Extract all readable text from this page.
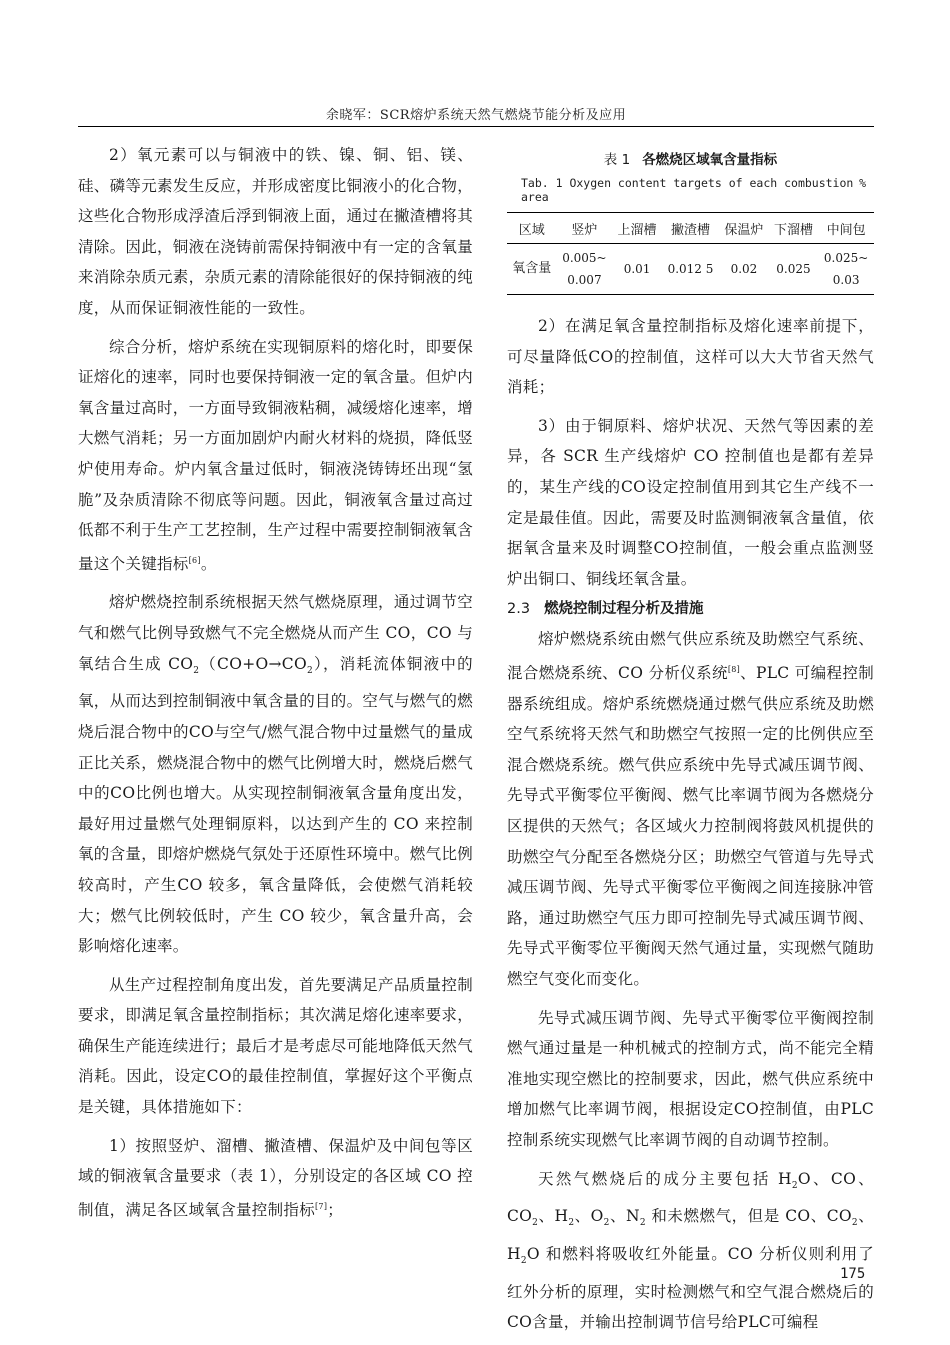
余晓军：SCR熔炉系统天然气燃烧节能分析及应用

2）氧元素可以与铜液中的铁、镍、铜、铝、镁、硅、磷等元素发生反应，并形成密度比铜液小的化合物，这些化合物形成浮渣后浮到铜液上面，通过在撇渣槽将其清除。因此，铜液在浇铸前需保持铜液中有一定的含氧量来消除杂质元素，杂质元素的清除能很好的保持铜液的纯度，从而保证铜液性能的一致性。

综合分析，熔炉系统在实现铜原料的熔化时，即要保证熔化的速率，同时也要保持铜液一定的氧含量。但炉内氧含量过高时，一方面导致铜液粘稠，减缓熔化速率，增大燃气消耗；另一方面加剧炉内耐火材料的烧损，降低竖炉使用寿命。炉内氧含量过低时，铜液浇铸铸坯出现“氢脆”及杂质清除不彻底等问题。因此，铜液氧含量过高过低都不利于生产工艺控制，生产过程中需要控制铜液氧含量这个关键指标[6]。

熔炉燃烧控制系统根据天然气燃烧原理，通过调节空气和燃气比例导致燃气不完全燃烧从而产生 CO，CO 与氧结合生成 $CO_2(CO+O\to CO_2)$，消耗流体铜液中的氧，从而达到控制铜液中氧含量的目的。空气与燃气的燃烧后混合物中的CO与空气/燃气混合物中过量燃气的量成正比关系，燃烧混合物中的燃气比例增大时，燃烧后燃气中的CO比例也增大。从实现控制铜液氧含量角度出发，最好用过量燃气处理铜原料，以达到产生的 CO 来控制氧的含量，即熔炉燃烧气氛处于还原性环境中。燃气比例较高时，产生CO 较多，氧含量降低，会使燃气消耗较大；燃气比例较低时，产生 CO 较少，氧含量升高，会影响熔化速率。

从生产过程控制角度出发，首先要满足产品质量控制要求，即满足氧含量控制指标；其次满足熔化速率要求，确保生产能连续进行；最后才是考虑尽可能地降低天然气消耗。因此，设定CO的最佳控制值，掌握好这个平衡点是关键，具体措施如下：

1）按照竖炉、溜槽、撇渣槽、保温炉及中间包等区域的铜液氧含量要求（表 1），分别设定的各区域 CO 控制值，满足各区域氧含量控制指标[7]；

表 1 各燃烧区域氧含量指标
Tab. 1 Oxygen content targets of each combustion area
%
区域	竖炉	上溜槽	撇渣槽	保温炉	下溜槽	中间包
氧含量	0.005~
0.007	0.01	0.012 5	0.02	0.025	0.025~
0.03

2）在满足氧含量控制指标及熔化速率前提下，可尽量降低CO的控制值，这样可以大大节省天然气消耗；

3）由于铜原料、熔炉状况、天然气等因素的差异，各 SCR 生产线熔炉 CO 控制值也是都有差异的，某生产线的CO设定控制值用到其它生产线不一定是最佳值。因此，需要及时监测铜液氧含量值，依据氧含量来及时调整CO控制值，一般会重点监测竖炉出铜口、铜线坯氧含量。

2.3 燃烧控制过程分析及措施

熔炉燃烧系统由燃气供应系统及助燃空气系统、混合燃烧系统、CO 分析仪系统[8]、PLC 可编程控制器系统组成。熔炉系统燃烧通过燃气供应系统及助燃空气系统将天然气和助燃空气按照一定的比例供应至混合燃烧系统。燃气供应系统中先导式减压调节阀、先导式平衡零位平衡阀、燃气比率调节阀为各燃烧分区提供的天然气；各区域火力控制阀将鼓风机提供的助燃空气分配至各燃烧分区；助燃空气管道与先导式减压调节阀、先导式平衡零位平衡阀之间连接脉冲管路，通过助燃空气压力即可控制先导式减压调节阀、先导式平衡零位平衡阀天然气通过量，实现燃气随助燃空气变化而变化。

先导式减压调节阀、先导式平衡零位平衡阀控制燃气通过量是一种机械式的控制方式，尚不能完全精准地实现空燃比的控制要求，因此，燃气供应系统中增加燃气比率调节阀，根据设定CO控制值，由PLC控制系统实现燃气比率调节阀的自动调节控制。

天然气燃烧后的成分主要包括 $H_2O$、CO、$CO_2$、$H_2$、$O_2$、$N_2$ 和未燃燃气，但是 CO、$CO_2$、$H_2O$ 和燃料将吸收红外能量。CO 分析仪则利用了红外分析的原理，实时检测燃气和空气混合燃烧后的CO含量，并输出控制调节信号给PLC可编程

175
